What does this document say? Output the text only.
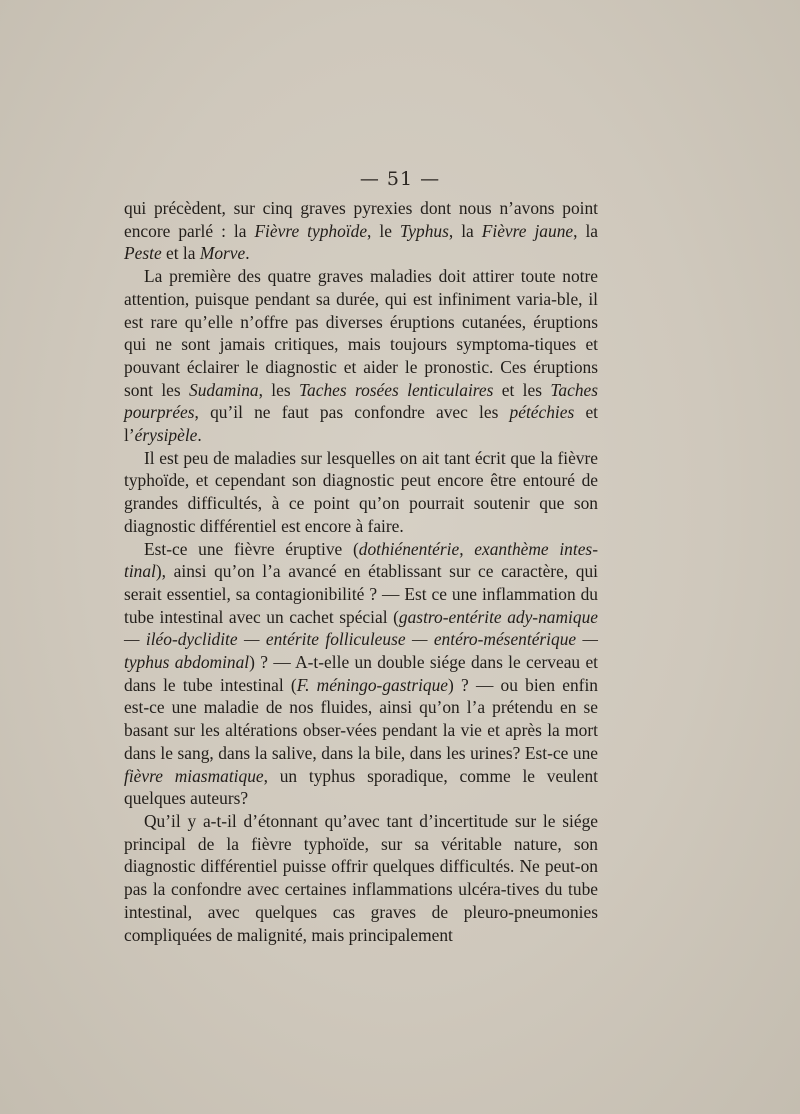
— 51 —

qui précèdent, sur cinq graves pyrexies dont nous n’avons point encore parlé : la Fièvre typhoïde, le Typhus, la Fièvre jaune, la Peste et la Morve.

La première des quatre graves maladies doit attirer toute notre attention, puisque pendant sa durée, qui est infiniment varia-ble, il est rare qu’elle n’offre pas diverses éruptions cutanées, éruptions qui ne sont jamais critiques, mais toujours symptoma-tiques et pouvant éclairer le diagnostic et aider le pronostic. Ces éruptions sont les Sudamina, les Taches rosées lenticulaires et les Taches pourprées, qu’il ne faut pas confondre avec les pétéchies et l’érysipèle.

Il est peu de maladies sur lesquelles on ait tant écrit que la fièvre typhoïde, et cependant son diagnostic peut encore être entouré de grandes difficultés, à ce point qu’on pourrait soutenir que son diagnostic différentiel est encore à faire.

Est-ce une fièvre éruptive (dothiénentérie, exanthème intes-tinal), ainsi qu’on l’a avancé en établissant sur ce caractère, qui serait essentiel, sa contagionibilité ? — Est ce une inflammation du tube intestinal avec un cachet spécial (gastro-entérite ady-namique — iléo-dyclidite — entérite folliculeuse — entéro-mésentérique — typhus abdominal) ? — A-t-elle un double siége dans le cerveau et dans le tube intestinal (F. méningo-gastrique) ? — ou bien enfin est-ce une maladie de nos fluides, ainsi qu’on l’a prétendu en se basant sur les altérations obser-vées pendant la vie et après la mort dans le sang, dans la salive, dans la bile, dans les urines? Est-ce une fièvre miasmatique, un typhus sporadique, comme le veulent quelques auteurs?

Qu’il y a-t-il d’étonnant qu’avec tant d’incertitude sur le siége principal de la fièvre typhoïde, sur sa véritable nature, son diagnostic différentiel puisse offrir quelques difficultés. Ne peut-on pas la confondre avec certaines inflammations ulcéra-tives du tube intestinal, avec quelques cas graves de pleuro-pneumonies compliquées de malignité, mais principalement
